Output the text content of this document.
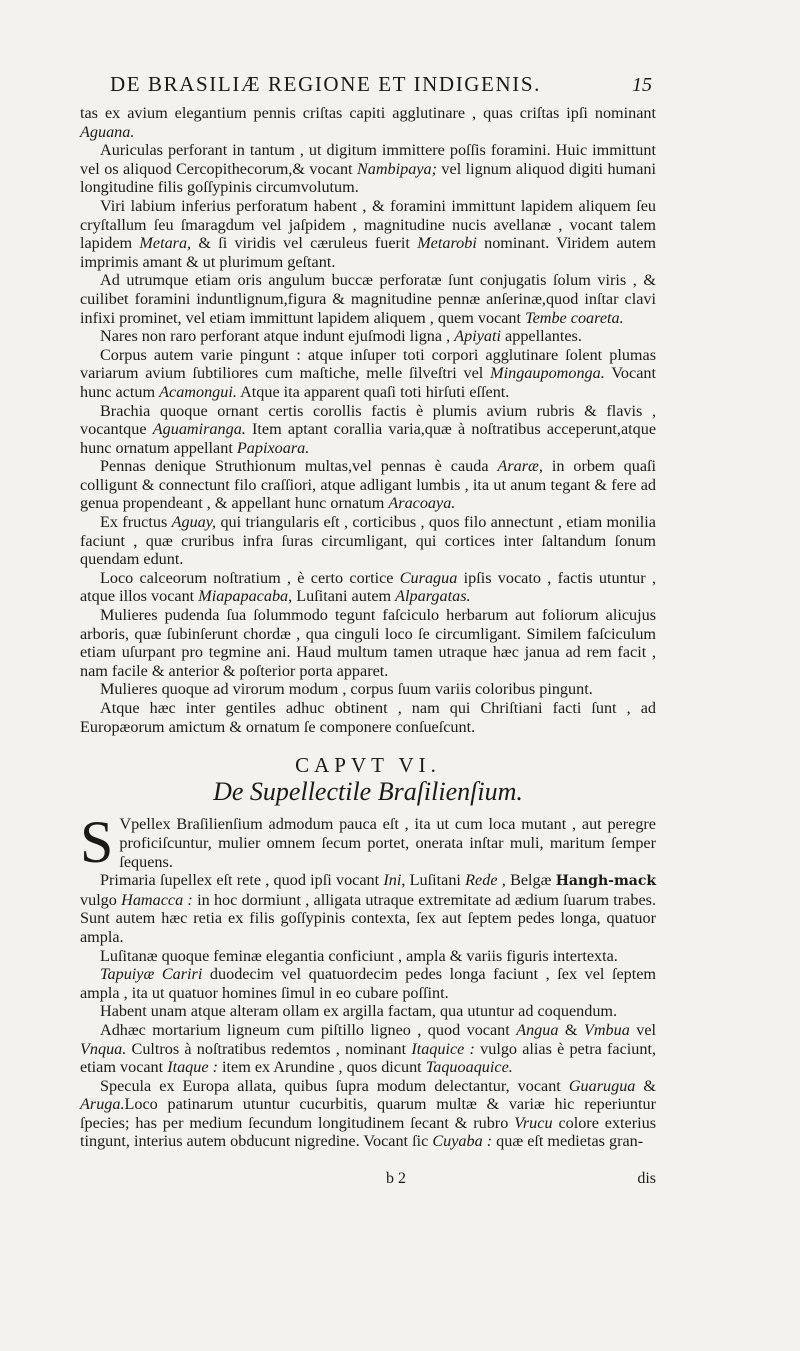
DE BRASILIÆ REGIONE ET INDIGENIS.	15

tas ex avium elegantium pennis criſtas capiti agglutinare , quas criſtas ipſi nominant Aguana.

Auriculas perforant in tantum , ut digitum immittere poſſis foramini. Huic immittunt vel os aliquod Cercopithecorum,& vocant Nambipaya; vel lignum aliquod digiti humani longitudine filis goſſypinis circumvolutum.

Viri labium inferius perforatum habent , & foramini immittunt lapidem aliquem ſeu cryſtallum ſeu ſmaragdum vel jaſpidem , magnitudine nucis avellanæ , vocant talem lapidem Metara, & ſi viridis vel cæruleus fuerit Metarobi nominant. Viridem autem imprimis amant & ut plurimum geſtant.

Ad utrumque etiam oris angulum buccæ perforatæ ſunt conjugatis ſolum viris , & cuilibet foramini induntlignum,figura & magnitudine pennæ anſerinæ,quod inſtar clavi infixi prominet, vel etiam immittunt lapidem aliquem , quem vocant Tembe coareta.

Nares non raro perforant atque indunt ejuſmodi ligna , Apiyati appellantes.

Corpus autem varie pingunt : atque inſuper toti corpori agglutinare ſolent plumas variarum avium ſubtiliores cum maſtiche, melle ſilveſtri vel Mingaupomonga. Vocant hunc actum Acamongui. Atque ita apparent quaſi toti hirſuti eſſent.

Brachia quoque ornant certis corollis factis è plumis avium rubris & flavis , vocantque Aguamiranga. Item aptant corallia varia,quæ à noſtratibus acceperunt,atque hunc ornatum appellant Papixoara.

Pennas denique Struthionum multas,vel pennas è cauda Araræ, in orbem quaſi colligunt & connectunt filo craſſiori, atque adligant lumbis , ita ut anum tegant & fere ad genua propendeant , & appellant hunc ornatum Aracoaya.

Ex fructus Aguay, qui triangularis eſt , corticibus , quos filo annectunt , etiam monilia faciunt , quæ cruribus infra ſuras circumligant, qui cortices inter ſaltandum ſonum quendam edunt.

Loco calceorum noſtratium , è certo cortice Curagua ipſis vocato , factis utuntur , atque illos vocant Miapapacaba, Luſitani autem Alpargatas.

Mulieres pudenda ſua ſolummodo tegunt faſciculo herbarum aut foliorum alicujus arboris, quæ ſubinſerunt chordæ , qua cinguli loco ſe circumligant. Similem faſciculum etiam uſurpant pro tegmine ani. Haud multum tamen utraque hæc janua ad rem facit , nam facile & anterior & poſterior porta apparet.

Mulieres quoque ad virorum modum , corpus ſuum variis coloribus pingunt.

Atque hæc inter gentiles adhuc obtinent , nam qui Chriſtiani facti ſunt , ad Europæorum amictum & ornatum ſe componere conſueſcunt.

CAPVT VI.
De Supellectile Braſilienſium.

S Vpellex Braſilienſium admodum pauca eſt , ita ut cum loca mutant , aut peregre proficiſcuntur, mulier omnem ſecum portet, onerata inſtar muli, maritum ſemper ſequens.

Primaria ſupellex eſt rete , quod ipſi vocant Ini, Luſitani Rede , Belgæ Hangh-mack vulgo Hamacca : in hoc dormiunt , alligata utraque extremitate ad ædium ſuarum trabes. Sunt autem hæc retia ex filis goſſypinis contexta, ſex aut ſeptem pedes longa, quatuor ampla.

Luſitanæ quoque feminæ elegantia conficiunt , ampla & variis figuris intertexta.

Tapuiyæ Cariri duodecim vel quatuordecim pedes longa faciunt , ſex vel ſeptem ampla , ita ut quatuor homines ſimul in eo cubare poſſint.

Habent unam atque alteram ollam ex argilla factam, qua utuntur ad coquendum.

Adhæc mortarium ligneum cum piſtillo ligneo , quod vocant Angua & Vmbua vel Vnqua. Cultros à noſtratibus redemtos , nominant Itaquice : vulgo alias è petra faciunt, etiam vocant Itaque : item ex Arundine , quos dicunt Taquoaquice.

Specula ex Europa allata, quibus ſupra modum delectantur, vocant Guarugua & Aruga.Loco patinarum utuntur cucurbitis, quarum multæ & variæ hic reperiuntur ſpecies; has per medium ſecundum longitudinem ſecant & rubro Vrucu colore exterius tingunt, interius autem obducunt nigredine. Vocant ſic Cuyaba : quæ eſt medietas gran-

b 2	dis
